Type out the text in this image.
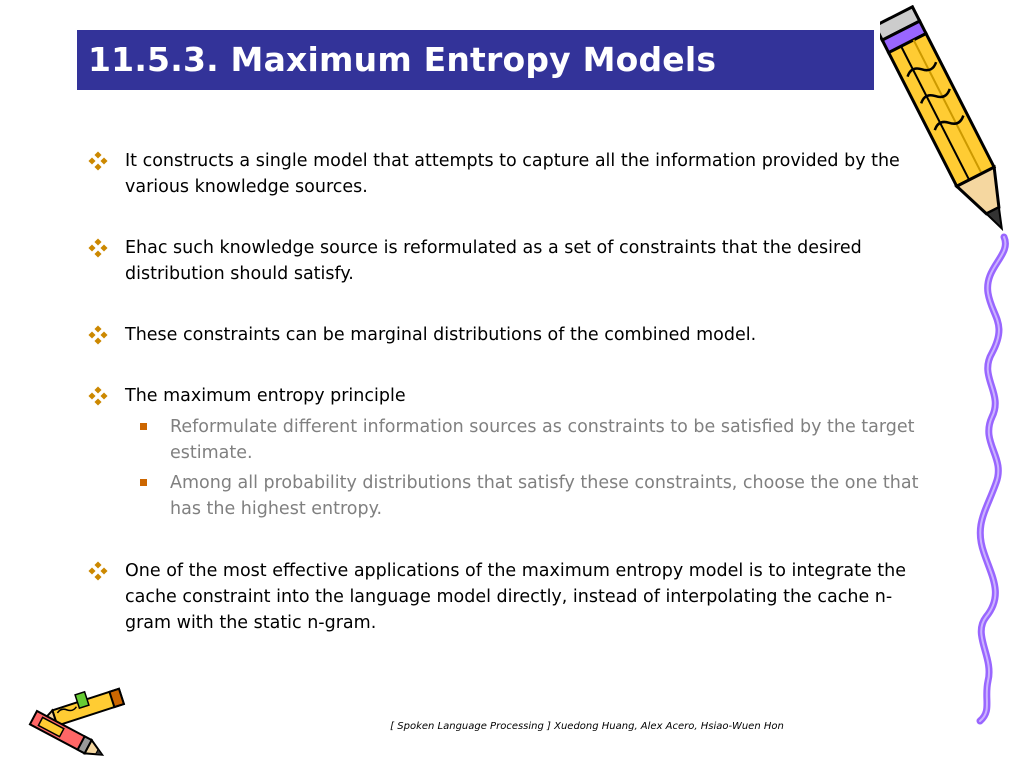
11.5.3. Maximum Entropy Models
It constructs a single model that attempts to capture all the information provided by the various knowledge sources.
Ehac such knowledge source is reformulated as a set of constraints that the desired distribution should satisfy.
These constraints can be marginal distributions of the combined model.
The maximum entropy principle
Reformulate different information sources as constraints to be satisfied by the target estimate.
Among all probability distributions that satisfy these constraints, choose the one that has the highest entropy.
One of the most effective applications of the maximum entropy model is to integrate the cache constraint into the language model directly, instead of interpolating the cache n-gram with the static n-gram.
[ Spoken Language Processing ] Xuedong Huang, Alex Acero, Hsiao-Wuen Hon
